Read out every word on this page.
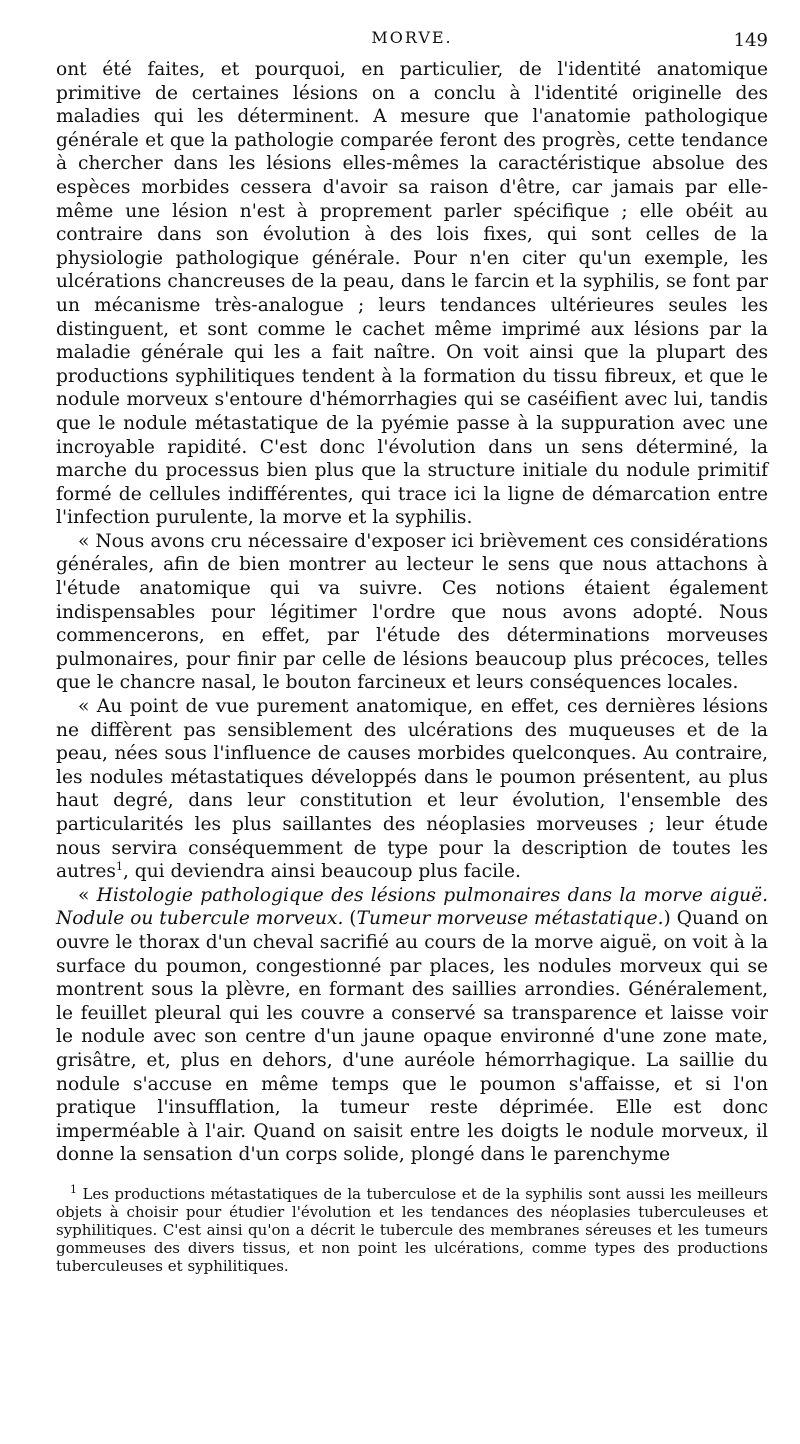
MORVE.	149

ont été faites, et pourquoi, en particulier, de l'identité anatomique primitive de certaines lésions on a conclu à l'identité originelle des maladies qui les déterminent. A mesure que l'anatomie pathologique générale et que la pathologie comparée feront des progrès, cette tendance à chercher dans les lésions elles-mêmes la caractéristique absolue des espèces morbides cessera d'avoir sa raison d'être, car jamais par elle-même une lésion n'est à proprement parler spécifique ; elle obéit au contraire dans son évolution à des lois fixes, qui sont celles de la physiologie pathologique générale. Pour n'en citer qu'un exemple, les ulcérations chancreuses de la peau, dans le farcin et la syphilis, se font par un mécanisme très-analogue ; leurs tendances ultérieures seules les distinguent, et sont comme le cachet même imprimé aux lésions par la maladie générale qui les a fait naître. On voit ainsi que la plupart des productions syphilitiques tendent à la formation du tissu fibreux, et que le nodule morveux s'entoure d'hémorrhagies qui se caséifient avec lui, tandis que le nodule métastatique de la pyémie passe à la suppuration avec une incroyable rapidité. C'est donc l'évolution dans un sens déterminé, la marche du processus bien plus que la structure initiale du nodule primitif formé de cellules indifférentes, qui trace ici la ligne de démarcation entre l'infection purulente, la morve et la syphilis.

« Nous avons cru nécessaire d'exposer ici brièvement ces considérations générales, afin de bien montrer au lecteur le sens que nous attachons à l'étude anatomique qui va suivre. Ces notions étaient également indispensables pour légitimer l'ordre que nous avons adopté. Nous commencerons, en effet, par l'étude des déterminations morveuses pulmonaires, pour finir par celle de lésions beaucoup plus précoces, telles que le chancre nasal, le bouton farcineux et leurs conséquences locales.

« Au point de vue purement anatomique, en effet, ces dernières lésions ne diffèrent pas sensiblement des ulcérations des muqueuses et de la peau, nées sous l'influence de causes morbides quelconques. Au contraire, les nodules métastatiques développés dans le poumon présentent, au plus haut degré, dans leur constitution et leur évolution, l'ensemble des particularités les plus saillantes des néoplasies morveuses ; leur étude nous servira conséquemment de type pour la description de toutes les autres$^1$, qui deviendra ainsi beaucoup plus facile.

« Histologie pathologique des lésions pulmonaires dans la morve aiguë. Nodule ou tubercule morveux. (Tumeur morveuse métastatique.) Quand on ouvre le thorax d'un cheval sacrifié au cours de la morve aiguë, on voit à la surface du poumon, congestionné par places, les nodules morveux qui se montrent sous la plèvre, en formant des saillies arrondies. Généralement, le feuillet pleural qui les couvre a conservé sa transparence et laisse voir le nodule avec son centre d'un jaune opaque environné d'une zone mate, grisâtre, et, plus en dehors, d'une auréole hémorrhagique. La saillie du nodule s'accuse en même temps que le poumon s'affaisse, et si l'on pratique l'insufflation, la tumeur reste déprimée. Elle est donc imperméable à l'air. Quand on saisit entre les doigts le nodule morveux, il donne la sensation d'un corps solide, plongé dans le parenchyme

$^1$ Les productions métastatiques de la tuberculose et de la syphilis sont aussi les meilleurs objets à choisir pour étudier l'évolution et les tendances des néoplasies tuberculeuses et syphilitiques. C'est ainsi qu'on a décrit le tubercule des membranes séreuses et les tumeurs gommeuses des divers tissus, et non point les ulcérations, comme types des productions tuberculeuses et syphilitiques.
